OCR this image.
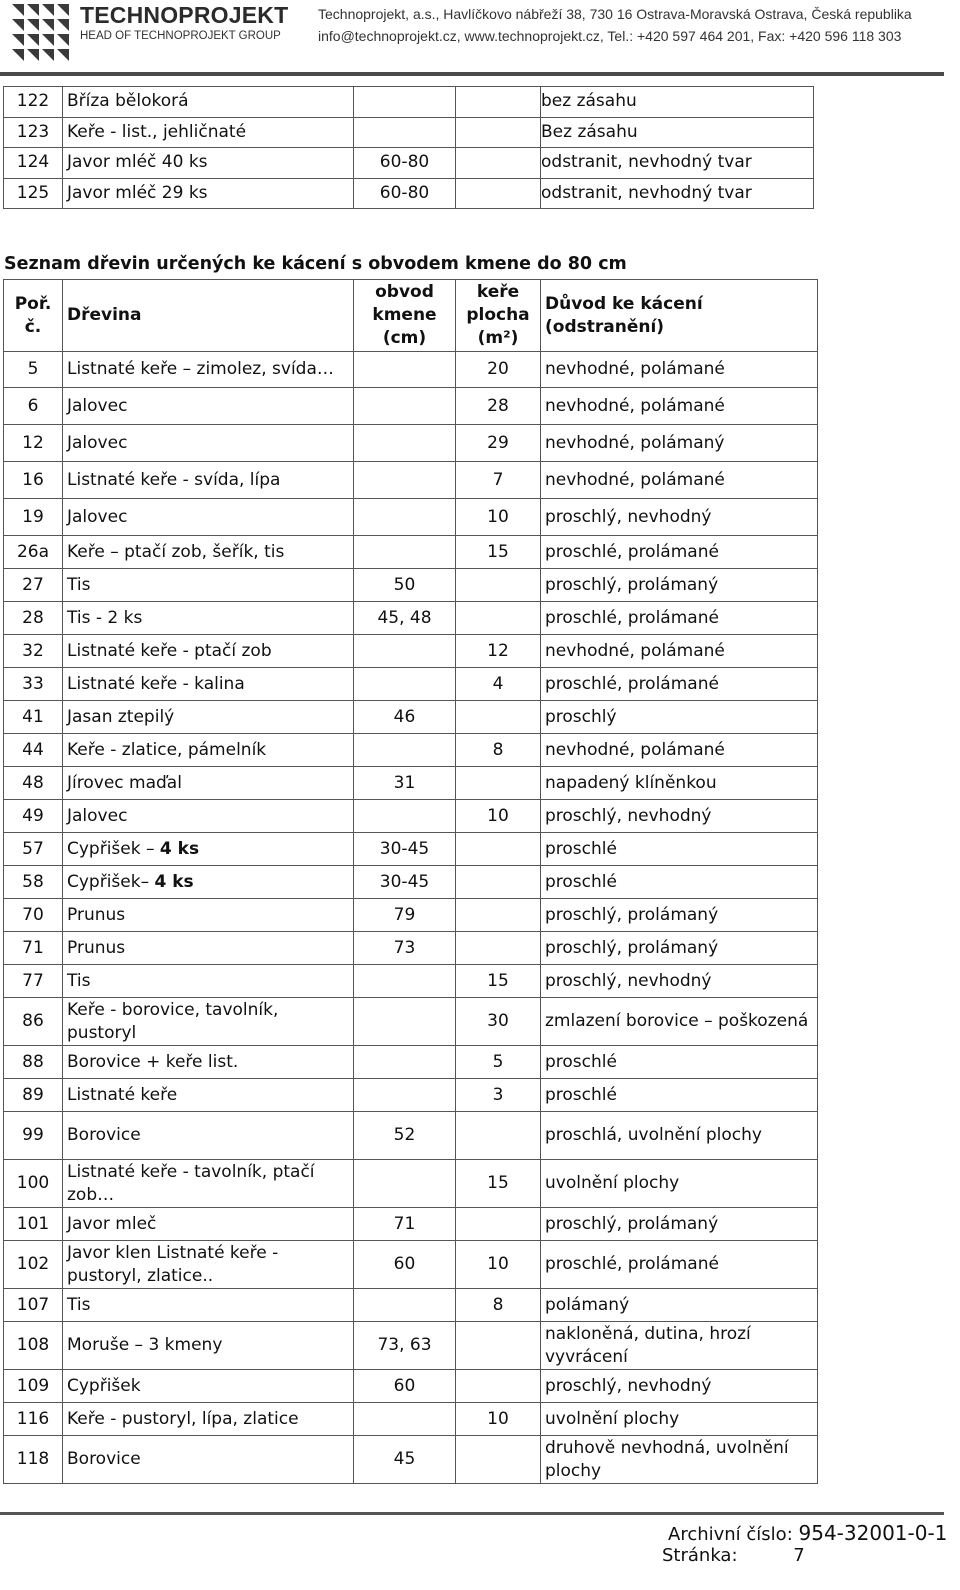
TECHNOPROJEKT
HEAD OF TECHNOPROJEKT GROUP
Technoprojekt, a.s., Havlíčkovo nábřeží 38, 730 16 Ostrava-Moravská Ostrava, Česká republika
info@technoprojekt.cz, www.technoprojekt.cz, Tel.: +420 597 464 201, Fax: +420 596 118 303
122	Bříza bělokorá			bez zásahu
123	Keře - list., jehličnaté			Bez zásahu
124	Javor mléč 40 ks	60-80		odstranit, nevhodný tvar
125	Javor mléč 29 ks	60-80		odstranit, nevhodný tvar
Seznam dřevin určených ke kácení s obvodem kmene do 80 cm
Poř. č.	Dřevina	obvod kmene (cm)	keře plocha (m²)	Důvod ke kácení (odstranění)
5	Listnaté keře – zimolez, svída…		20	nevhodné, polámané
6	Jalovec		28	nevhodné, polámané
12	Jalovec		29	nevhodné, polámaný
16	Listnaté keře - svída, lípa		7	nevhodné, polámané
19	Jalovec		10	proschlý, nevhodný
26a	Keře – ptačí zob, šeřík, tis		15	proschlé, prolámané
27	Tis	50		proschlý, prolámaný
28	Tis - 2 ks	45, 48		proschlé, prolámané
32	Listnaté keře - ptačí zob		12	nevhodné, polámané
33	Listnaté keře - kalina		4	proschlé, prolámané
41	Jasan ztepilý	46		proschlý
44	Keře - zlatice, pámelník		8	nevhodné, polámané
48	Jírovec maďal	31		napadený klíněnkou
49	Jalovec		10	proschlý, nevhodný
57	Cypřišek – 4 ks	30-45		proschlé
58	Cypřišek– 4 ks	30-45		proschlé
70	Prunus	79		proschlý, prolámaný
71	Prunus	73		proschlý, prolámaný
77	Tis		15	proschlý, nevhodný
86	Keře - borovice, tavolník, pustoryl		30	zmlazení borovice – poškozená
88	Borovice + keře list.		5	proschlé
89	Listnaté keře		3	proschlé
99	Borovice	52		proschlá, uvolnění plochy
100	Listnaté keře - tavolník, ptačí zob…		15	uvolnění plochy
101	Javor mleč	71		proschlý, prolámaný
102	Javor klen Listnaté keře - pustoryl, zlatice..	60	10	proschlé, prolámané
107	Tis		8	polámaný
108	Moruše – 3 kmeny	73, 63		nakloněná, dutina, hrozí vyvrácení
109	Cypřišek	60		proschlý, nevhodný
116	Keře - pustoryl, lípa, zlatice		10	uvolnění plochy
118	Borovice	45		druhově nevhodná, uvolnění plochy
Archivní číslo: 954-32001-0-1
Stránka:	7
